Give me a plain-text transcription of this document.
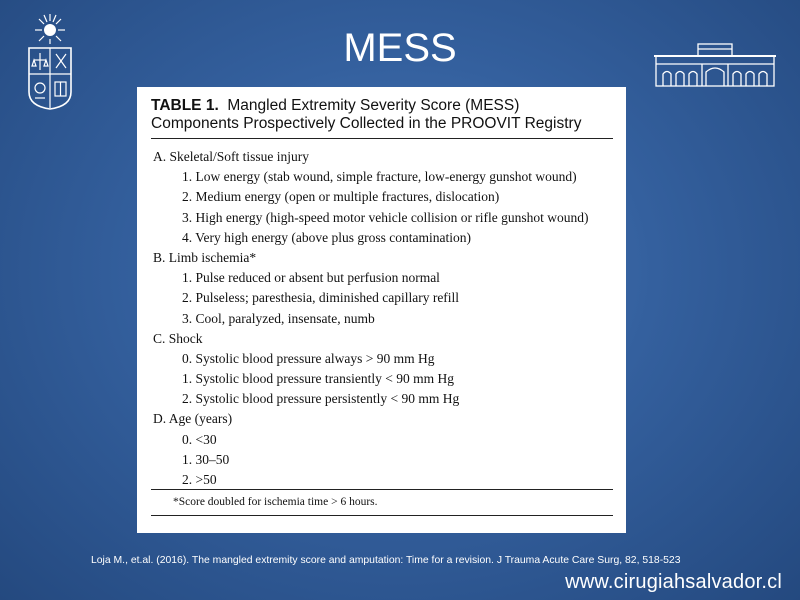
MESS
TABLE 1. Mangled Extremity Severity Score (MESS)
Components Prospectively Collected in the PROOVIT Registry
A. Skeletal/Soft tissue injury
1. Low energy (stab wound, simple fracture, low-energy gunshot wound)
2. Medium energy (open or multiple fractures, dislocation)
3. High energy (high-speed motor vehicle collision or rifle gunshot wound)
4. Very high energy (above plus gross contamination)
B. Limb ischemia*
1. Pulse reduced or absent but perfusion normal
2. Pulseless; paresthesia, diminished capillary refill
3. Cool, paralyzed, insensate, numb
C. Shock
0. Systolic blood pressure always > 90 mm Hg
1. Systolic blood pressure transiently < 90 mm Hg
2. Systolic blood pressure persistently < 90 mm Hg
D. Age (years)
0. <30
1. 30–50
2. >50
*Score doubled for ischemia time > 6 hours.
Loja M., et.al. (2016). The mangled extremity score and amputation: Time for a revision. J Trauma Acute Care Surg, 82, 518-523
www.cirugiahsalvador.cl
